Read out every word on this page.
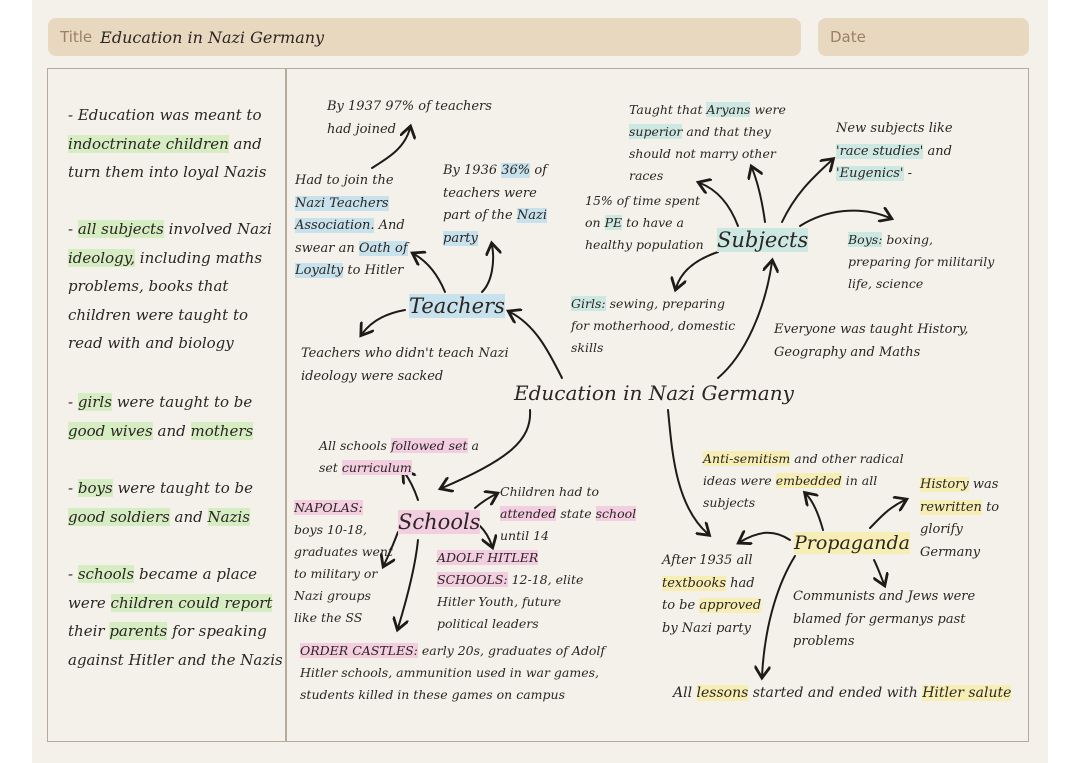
Title Education in Nazi Germany	Date
- Education was meant to indoctrinate children and turn them into loyal Nazis
- all subjects involved Nazi ideology, including maths problems, books that children were taught to read with and biology
- girls were taught to be good wives and mothers
- boys were taught to be good soldiers and Nazis
- schools became a place were children could report their parents for speaking against Hitler and the Nazis
Education in Nazi Germany
Teachers
By 1937 97% of teachers had joined
Had to join the Nazi Teachers Association. And swear an Oath of Loyalty to Hitler
By 1936 36% of teachers were part of the Nazi party
Teachers who didn't teach Nazi ideology were sacked
Subjects
Taught that Aryans were superior and that they should not marry other races
New subjects like 'race studies' and 'Eugenics' -
15% of time spent on PE to have a healthy population	Boys: boxing, preparing for militarily life, science
Girls: sewing, preparing for motherhood, domestic skills
Everyone was taught History, Geography and Maths
Schools
All schools followed set a set curriculum
Children had to attended state school until 14
NAPOLAS: boys 10-18, graduates went to military or Nazi groups like the SS
ADOLF HITLER SCHOOLS: 12-18, elite Hitler Youth, future political leaders
ORDER CASTLES: early 20s, graduates of Adolf Hitler schools, ammunition used in war games, students killed in these games on campus
Propaganda
Anti-semitism and other radical ideas were embedded in all subjects
History was rewritten to glorify Germany
After 1935 all textbooks had to be approved by Nazi party
Communists and Jews were blamed for germanys past problems
All lessons started and ended with Hitler salute
